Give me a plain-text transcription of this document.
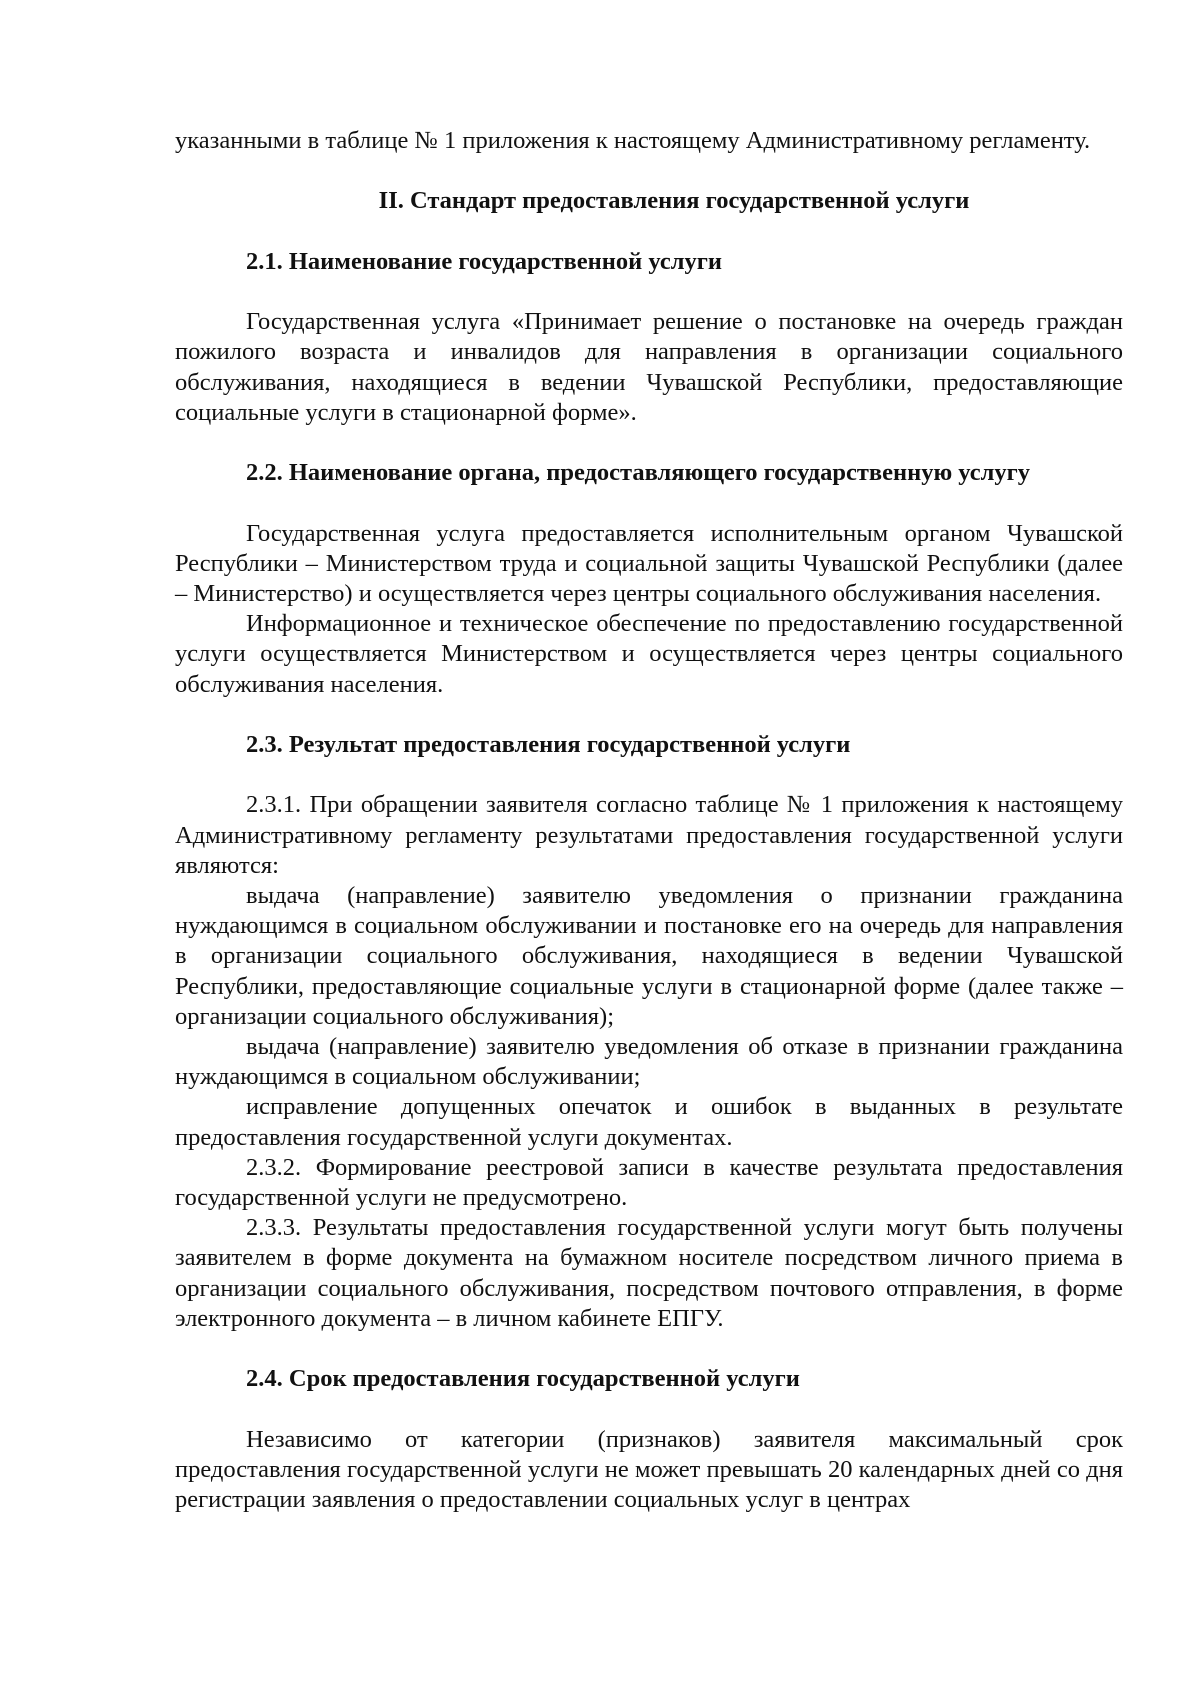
указанными в таблице № 1 приложения к настоящему Административному регламенту.

II. Стандарт предоставления государственной услуги
2.1. Наименование государственной услуги

Государственная услуга «Принимает решение о постановке на очередь граждан пожилого возраста и инвалидов для направления в организации социального обслуживания, находящиеся в ведении Чувашской Республики, предоставляющие социальные услуги в стационарной форме».

2.2. Наименование органа, предоставляющего государственную услугу

Государственная услуга предоставляется исполнительным органом Чувашской Республики – Министерством труда и социальной защиты Чувашской Республики (далее – Министерство) и осуществляется через центры социального обслуживания населения.

Информационное и техническое обеспечение по предоставлению государственной услуги осуществляется Министерством и осуществляется через центры социального обслуживания населения.

2.3. Результат предоставления государственной услуги

2.3.1. При обращении заявителя согласно таблице № 1 приложения к настоящему Административному регламенту результатами предоставления государственной услуги являются:

выдача (направление) заявителю уведомления о признании гражданина нуждающимся в социальном обслуживании и постановке его на очередь для направления в организации социального обслуживания, находящиеся в ведении Чувашской Республики, предоставляющие социальные услуги в стационарной форме (далее также – организации социального обслуживания);

выдача (направление) заявителю уведомления об отказе в признании гражданина нуждающимся в социальном обслуживании;

исправление допущенных опечаток и ошибок в выданных в результате предоставления государственной услуги документах.

2.3.2. Формирование реестровой записи в качестве результата предоставления государственной услуги не предусмотрено.

2.3.3. Результаты предоставления государственной услуги могут быть получены заявителем в форме документа на бумажном носителе посредством личного приема в организации социального обслуживания, посредством почтового отправления, в форме электронного документа – в личном кабинете ЕПГУ.

2.4. Срок предоставления государственной услуги

Независимо от категории (признаков) заявителя максимальный срок предоставления государственной услуги не может превышать 20 календарных дней со дня регистрации заявления о предоставлении социальных услуг в центрах
